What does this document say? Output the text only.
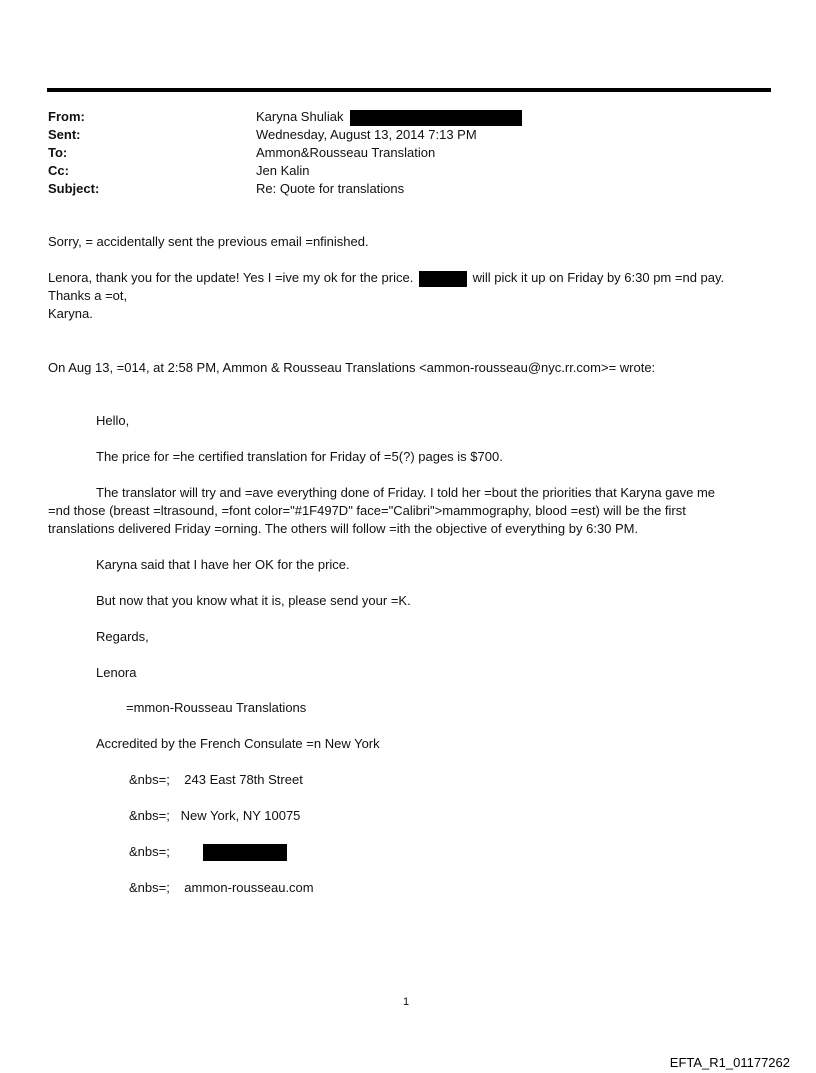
From:	Karyna Shuliak
Sent:	Wednesday, August 13, 2014 7:13 PM
To:	Ammon&Rousseau Translation
Cc:	Jen Kalin
Subject:	Re: Quote for translations
Sorry, = accidentally sent the previous email =nfinished.
Lenora, thank you for the update! Yes I =ive my ok for the price.	will pick it up on Friday by 6:30 pm =nd pay.
Thanks a =ot,
Karyna.
On Aug 13, =014, at 2:58 PM, Ammon & Rousseau Translations <ammon-rousseau@nyc.rr.com>= wrote:
Hello,
The price for =he certified translation for Friday of =5(?) pages is $700.
The translator will try and =ave everything done of Friday. I told her =bout the priorities that Karyna gave me
=nd those (breast =ltrasound, =font color="#1F497D" face="Calibri">mammography, blood =est) will be the first
translations delivered Friday =orning. The others will follow =ith the objective of everything by 6:30 PM.
Karyna said that I have her OK for the price.
But now that you know what it is, please send your =K.
Regards,
Lenora
=mmon-Rousseau Translations
Accredited by the French Consulate =n New York
&nbs=;    243 East 78th Street
&nbs=;   New York, NY 10075
&nbs=;
&nbs=;    ammon-rousseau.com
1
EFTA_R1_01177262
